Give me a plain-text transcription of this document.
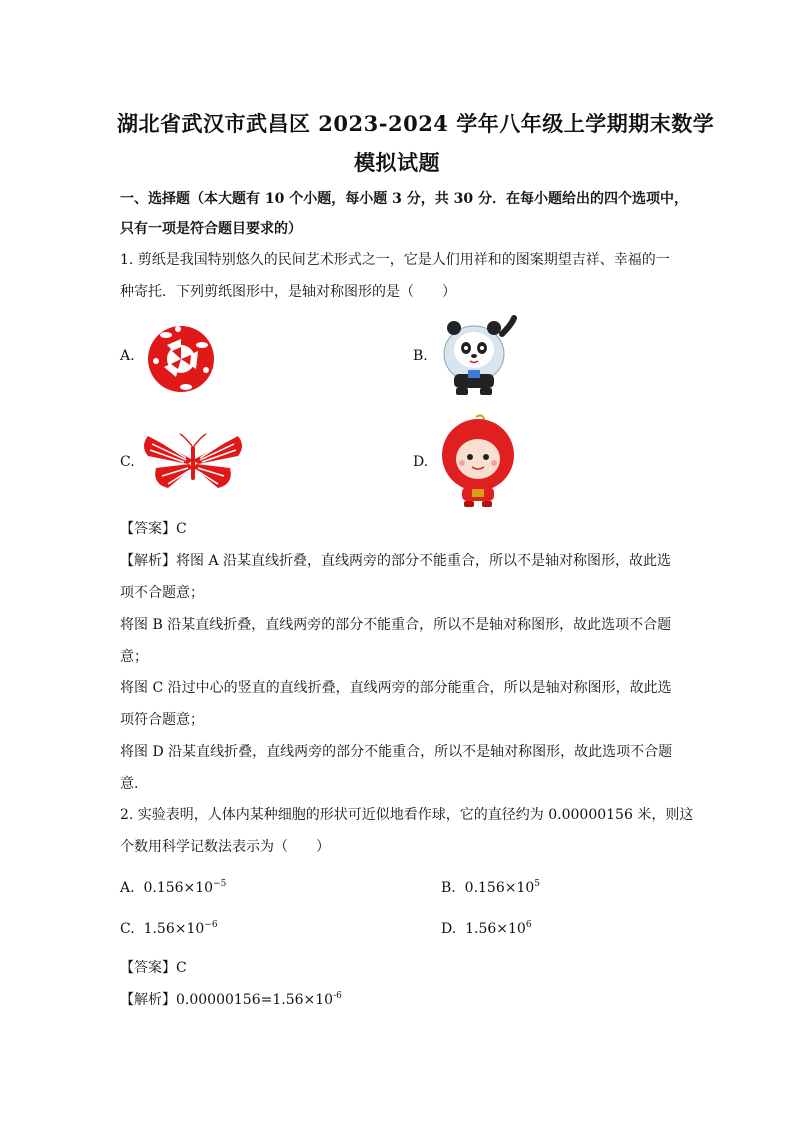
湖北省武汉市武昌区 2023-2024 学年八年级上学期期末数学
模拟试题
一、选择题（本大题有 10 个小题，每小题 3 分，共 30 分．在每小题给出的四个选项中，
只有一项是符合题目要求的）
1. 剪纸是我国特别悠久的民间艺术形式之一，它是人们用祥和的图案期望吉祥、幸福的一
种寄托．下列剪纸图形中，是轴对称图形的是（　　）
A.	B.
C.	D.
【答案】C
【解析】将图 A 沿某直线折叠，直线两旁的部分不能重合，所以不是轴对称图形，故此选
项不合题意；
将图 B 沿某直线折叠，直线两旁的部分不能重合，所以不是轴对称图形，故此选项不合题
意；
将图 C 沿过中心的竖直的直线折叠，直线两旁的部分能重合，所以是轴对称图形，故此选
项符合题意；
将图 D 沿某直线折叠，直线两旁的部分不能重合，所以不是轴对称图形，故此选项不合题
意.
2. 实验表明，人体内某种细胞的形状可近似地看作球，它的直径约为 0.00000156 米，则这
个数用科学记数法表示为（　　）
A. $0.156\times 10^{-5}$	B. $0.156\times 10^5$
C. $1.56\times 10^{-6}$	D. $1.56\times 10^6$
【答案】C
【解析】$0.00000156=1.56\times 10^{-6}$
